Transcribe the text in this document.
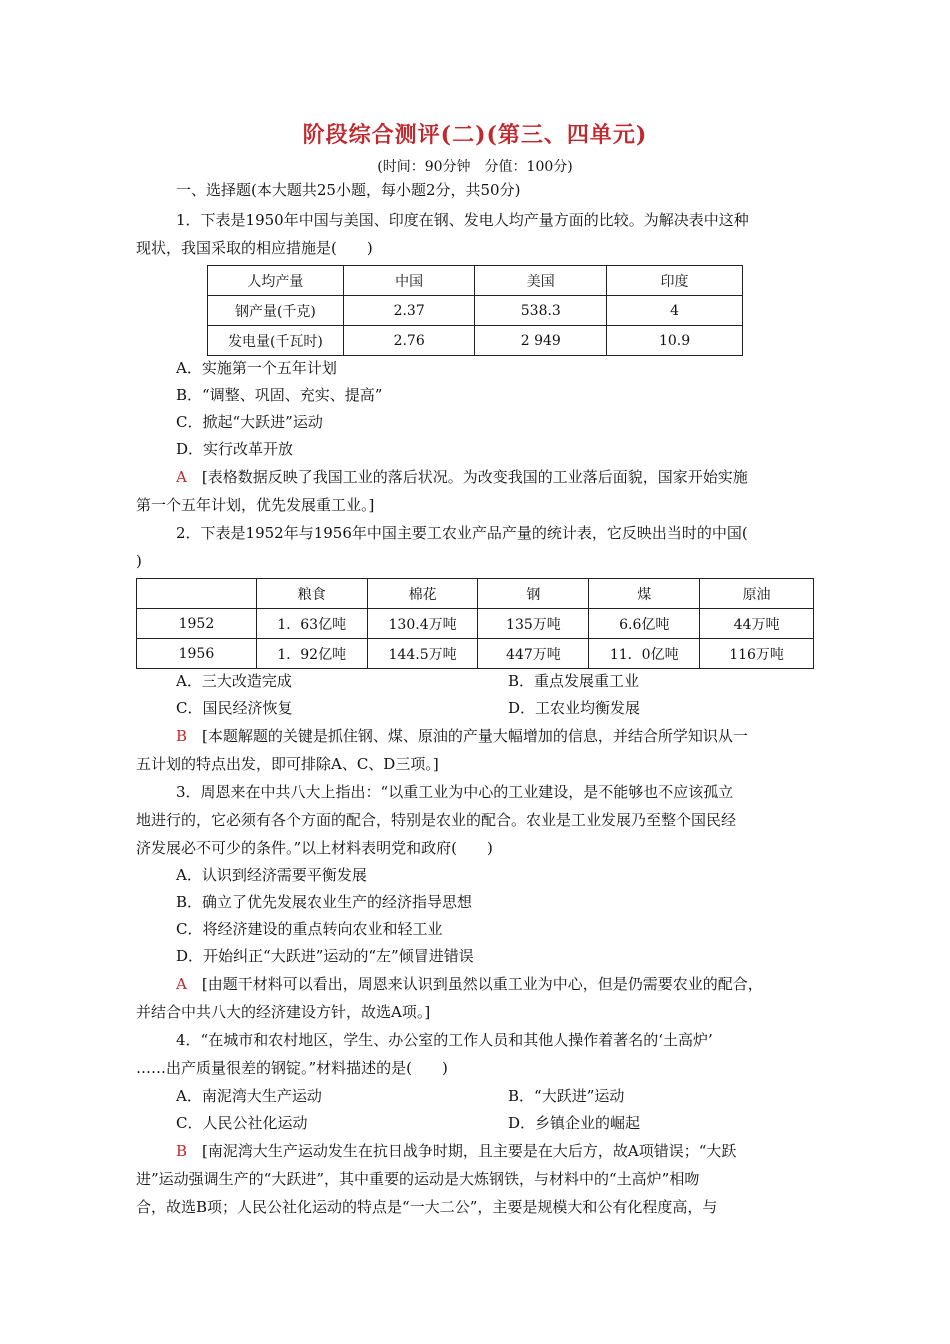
阶段综合测评(二)(第三、四单元)
(时间：90分钟　分值：100分)
一、选择题(本大题共25小题，每小题2分，共50分)
1．下表是1950年中国与美国、印度在钢、发电人均产量方面的比较。为解决表中这种
现状，我国采取的相应措施是(　　)
人均产量	中国	美国	印度
钢产量(千克)	2.37	538.3	4
发电量(千瓦时)	2.76	2 949	10.9
A．实施第一个五年计划
B．“调整、巩固、充实、提高”
C．掀起“大跃进”运动
D．实行改革开放
A　 [表格数据反映了我国工业的落后状况。为改变我国的工业落后面貌，国家开始实施
第一个五年计划，优先发展重工业。]
2．下表是1952年与1956年中国主要工农业产品产量的统计表，它反映出当时的中国(
)
	粮食	棉花	钢	煤	原油
1952	1．63亿吨	130.4万吨	135万吨	6.6亿吨	44万吨
1956	1．92亿吨	144.5万吨	447万吨	11．0亿吨	116万吨
A．三大改造完成	B．重点发展重工业
C．国民经济恢复	D．工农业均衡发展
B　 [本题解题的关键是抓住钢、煤、原油的产量大幅增加的信息，并结合所学知识从一
五计划的特点出发，即可排除A、C、D三项。]
3．周恩来在中共八大上指出：“以重工业为中心的工业建设，是不能够也不应该孤立
地进行的，它必须有各个方面的配合，特别是农业的配合。农业是工业发展乃至整个国民经
济发展必不可少的条件。”以上材料表明党和政府(　　)
A．认识到经济需要平衡发展
B．确立了优先发展农业生产的经济指导思想
C．将经济建设的重点转向农业和轻工业
D．开始纠正“大跃进”运动的“左”倾冒进错误
A　 [由题干材料可以看出，周恩来认识到虽然以重工业为中心，但是仍需要农业的配合，
并结合中共八大的经济建设方针，故选A项。]
4．“在城市和农村地区，学生、办公室的工作人员和其他人操作着著名的‘土高炉’
……出产质量很差的钢锭。”材料描述的是(　　)
A．南泥湾大生产运动	B．“大跃进”运动
C．人民公社化运动	D．乡镇企业的崛起
B　 [南泥湾大生产运动发生在抗日战争时期，且主要是在大后方，故A项错误；“大跃
进”运动强调生产的“大跃进”，其中重要的运动是大炼钢铁，与材料中的“土高炉”相吻
合，故选B项；人民公社化运动的特点是“一大二公”，主要是规模大和公有化程度高，与
